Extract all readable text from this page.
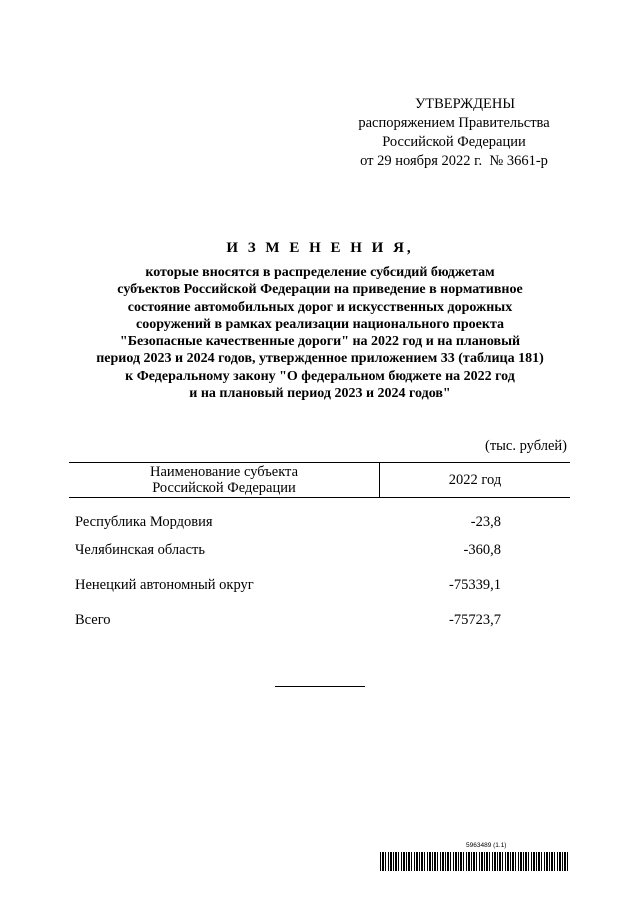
УТВЕРЖДЕНЫ
распоряжением Правительства
Российской Федерации
от 29 ноября 2022 г.  № 3661-р
И З М Е Н Е Н И Я,
которые вносятся в распределение субсидий бюджетам
субъектов Российской Федерации на приведение в нормативное
состояние автомобильных дорог и искусственных дорожных
сооружений в рамках реализации национального проекта
"Безопасные качественные дороги" на 2022 год и на плановый
период 2023 и 2024 годов, утвержденное приложением 33 (таблица 181)
к Федеральному закону "О федеральном бюджете на 2022 год
и на плановый период 2023 и 2024 годов"
(тыс. рублей)
Наименование субъекта
Российской Федерации	2022 год
Республика Мордовия	-23,8
Челябинская область	-360,8
Ненецкий автономный округ	-75339,1
Всего	-75723,7
5963489 (1.1)
